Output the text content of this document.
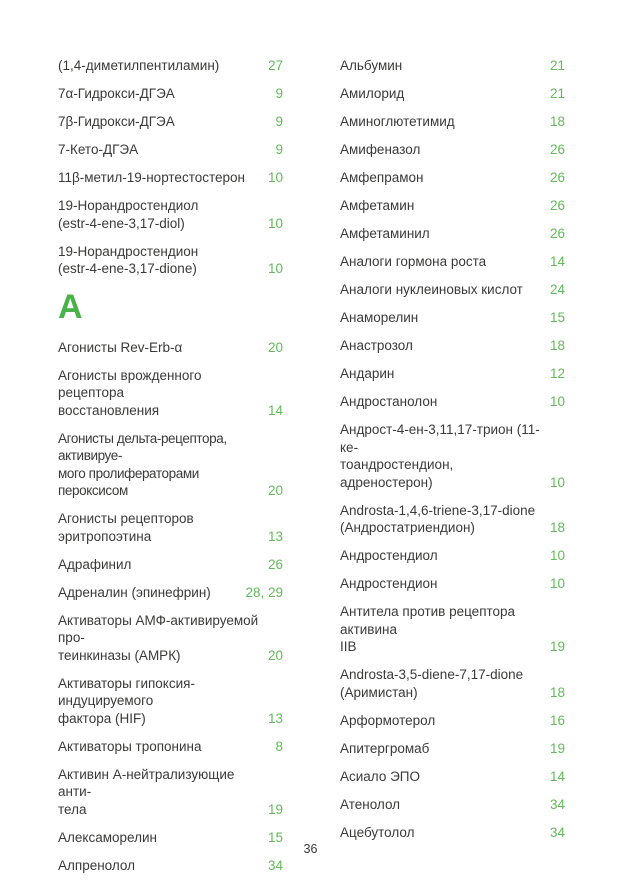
(1,4-диметилпентиламин)	27
7α-Гидрокси-ДГЭА	9
7β-Гидрокси-ДГЭА	9
7-Кето-ДГЭА	9
11β-метил-19-нортестостерон	10
19-Норандростендиол
(estr-4-ene-3,17-diol)	10
19-Норандростендион
(estr-4-ene-3,17-dione)	10
А
Агонисты Rev-Erb-α	20
Агонисты врожденного рецептора
восстановления	14
Агонисты дельта-рецептора, активируе-
мого пролифераторами пероксисом	20
Агонисты рецепторов
эритропоэтина	13
Адрафинил	26
Адреналин (эпинефрин)	28, 29
Активаторы АМФ-активируемой про-
теинкиназы (АМРК)	20
Активаторы гипоксия-индуцируемого
фактора (HIF)	13
Активаторы тропонина	8
Активин А-нейтрализующие анти-
тела	19
Алексаморелин	15
Алпренолол	34
Альбумин	21
Амилорид	21
Аминоглютетимид	18
Амифеназол	26
Амфепрамон	26
Амфетамин	26
Амфетаминил	26
Аналоги гормона роста	14
Аналоги нуклеиновых кислот	24
Анаморелин	15
Анастрозол	18
Андарин	12
Андростанолон	10
Андрост-4-ен-3,11,17-трион (11-ке-
тоандростендион, адреностерон)	10
Androsta-1,4,6-triene-3,17-dione
(Андростатриендион)	18
Андростендиол	10
Андростендион	10
Антитела против рецептора активина
IIB	19
Androsta-3,5-diene-7,17-dione
(Аримистан)	18
Арформотерол	16
Апитергромаб	19
Асиало ЭПО	14
Атенолол	34
Ацебутолол	34
36
